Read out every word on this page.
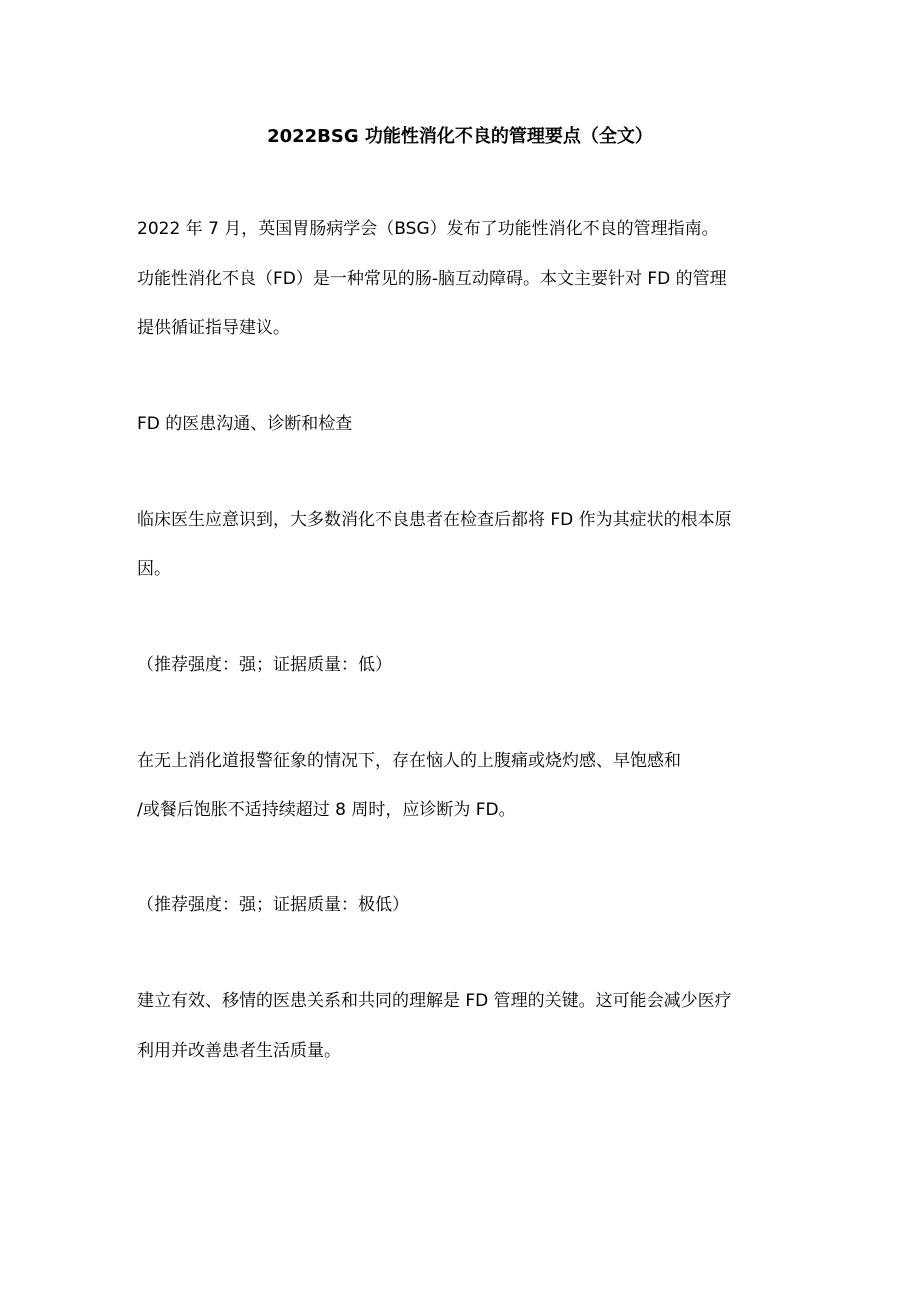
2022BSG 功能性消化不良的管理要点（全文）
2022 年 7 月，英国胃肠病学会（BSG）发布了功能性消化不良的管理指南。
功能性消化不良（FD）是一种常见的肠-脑互动障碍。本文主要针对 FD 的管理
提供循证指导建议。
FD 的医患沟通、诊断和检查
临床医生应意识到，大多数消化不良患者在检查后都将 FD 作为其症状的根本原
因。
（推荐强度：强；证据质量：低）
在无上消化道报警征象的情况下，存在恼人的上腹痛或烧灼感、早饱感和
/或餐后饱胀不适持续超过 8 周时，应诊断为 FD。
（推荐强度：强；证据质量：极低）
建立有效、移情的医患关系和共同的理解是 FD 管理的关键。这可能会减少医疗
利用并改善患者生活质量。
